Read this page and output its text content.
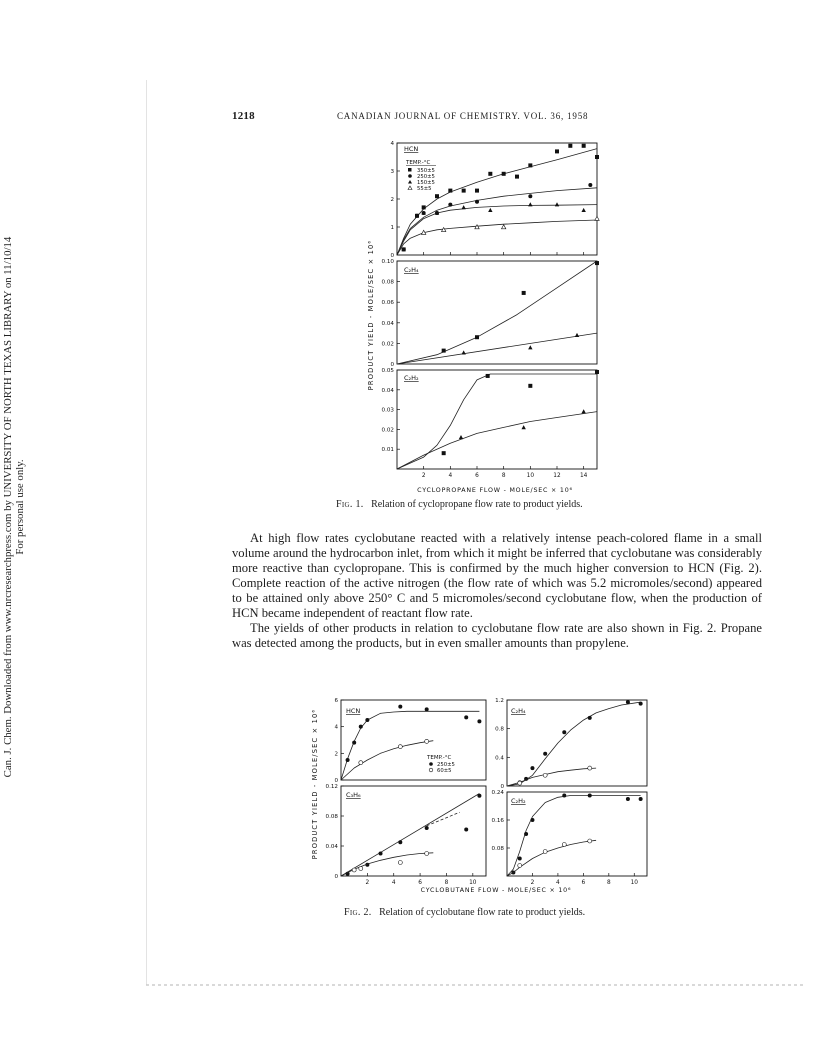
Can. J. Chem. Downloaded from www.nrcresearchpress.com by UNIVERSITY OF NORTH TEXAS LIBRARY on 11/10/14 For personal use only.
1218	CANADIAN JOURNAL OF CHEMISTRY. VOL. 36, 1958
HCN
0
1
2
3
4
C₂H₄
0
0.02
0.04
0.06
0.08
0.10
C₂H₂
0.01
0.02
0.03
0.04
0.05
2	4	6	8	10	12	14
PRODUCT YIELD - MOLE/SEC × 10⁶
CYCLOPROPANE FLOW - MOLE/SEC × 10⁶
TEMP.-°C
350±5
250±5
150±5
55±5
Fig. 1. Relation of cyclopropane flow rate to product yields.

At high flow rates cyclobutane reacted with a relatively intense peach-colored flame in a small volume around the hydrocarbon inlet, from which it might be inferred that cyclobutane was considerably more reactive than cyclopropane. This is confirmed by the much higher conversion to HCN (Fig. 2). Complete reaction of the active nitrogen (the flow rate of which was 5.2 micromoles/second) appeared to be attained only above 250° C and 5 micromoles/second cyclobutane flow, when the production of HCN became independent of reactant flow rate.

The yields of other products in relation to cyclobutane flow rate are also shown in Fig. 2. Propane was detected among the products, but in even smaller amounts than propylene.

HCN
0
2
4
6
C₂H₄
0
0.4
0.8
1.2
C₃H₆
0
0.04
0.08
0.12
2	4	6	8	10
C₂H₂
0.08
0.16
0.24
2	4	6	8	10
PRODUCT YIELD - MOLE/SEC × 10⁶
CYCLOBUTANE FLOW - MOLE/SEC × 10⁶
TEMP.-°C
250±5
60±5
Fig. 2. Relation of cyclobutane flow rate to product yields.
